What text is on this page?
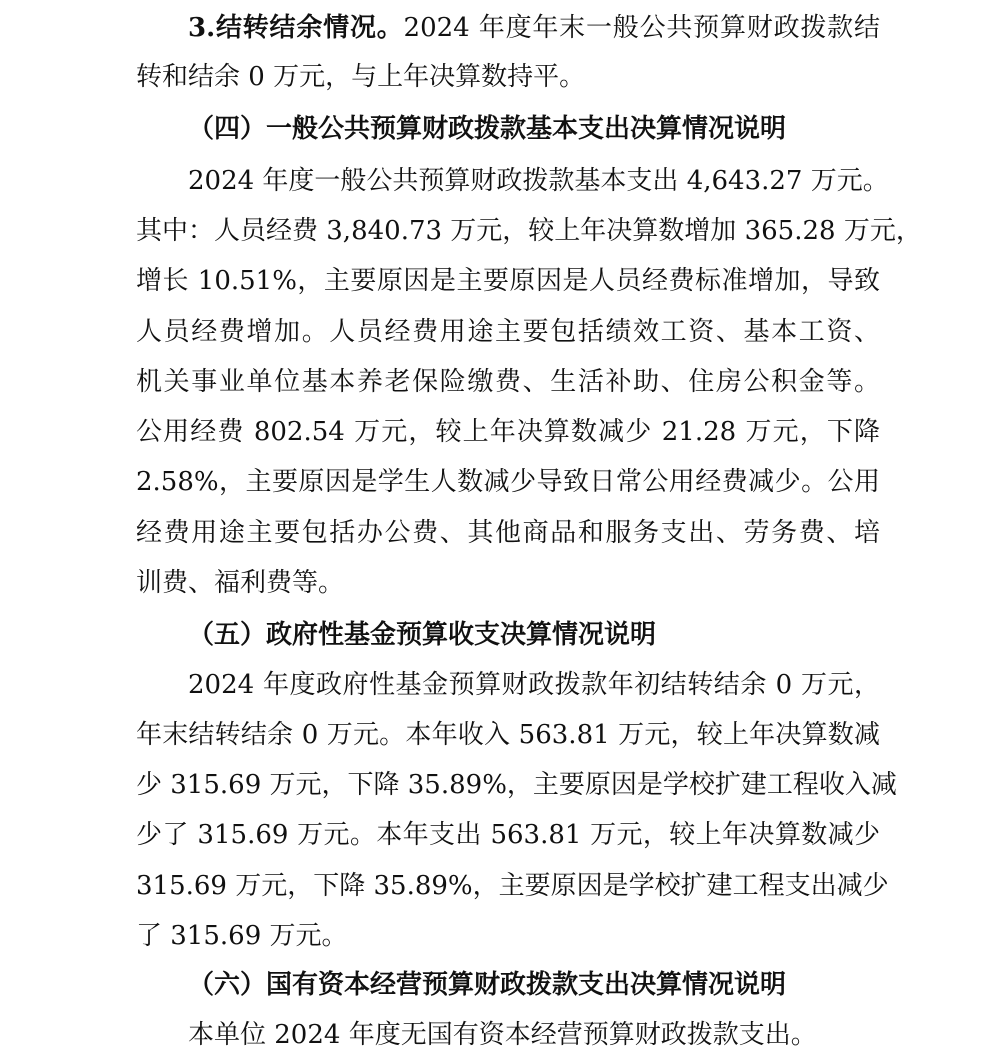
3.结转结余情况。2024 年度年末一般公共预算财政拨款结
转和结余 0 万元，与上年决算数持平。
（四）一般公共预算财政拨款基本支出决算情况说明
2024 年度一般公共预算财政拨款基本支出 4,643.27 万元。
其中：人员经费 3,840.73 万元，较上年决算数增加 365.28 万元，
增长 10.51%，主要原因是主要原因是人员经费标准增加，导致
人员经费增加。人员经费用途主要包括绩效工资、基本工资、
机关事业单位基本养老保险缴费、生活补助、住房公积金等。
公用经费 802.54 万元，较上年决算数减少 21.28 万元，下降
2.58%，主要原因是学生人数减少导致日常公用经费减少。公用
经费用途主要包括办公费、其他商品和服务支出、劳务费、培
训费、福利费等。
（五）政府性基金预算收支决算情况说明
2024 年度政府性基金预算财政拨款年初结转结余 0 万元，
年末结转结余 0 万元。本年收入 563.81 万元，较上年决算数减
少 315.69 万元，下降 35.89%，主要原因是学校扩建工程收入减
少了 315.69 万元。本年支出 563.81 万元，较上年决算数减少
315.69 万元，下降 35.89%，主要原因是学校扩建工程支出减少
了 315.69 万元。
（六）国有资本经营预算财政拨款支出决算情况说明
本单位 2024 年度无国有资本经营预算财政拨款支出。
